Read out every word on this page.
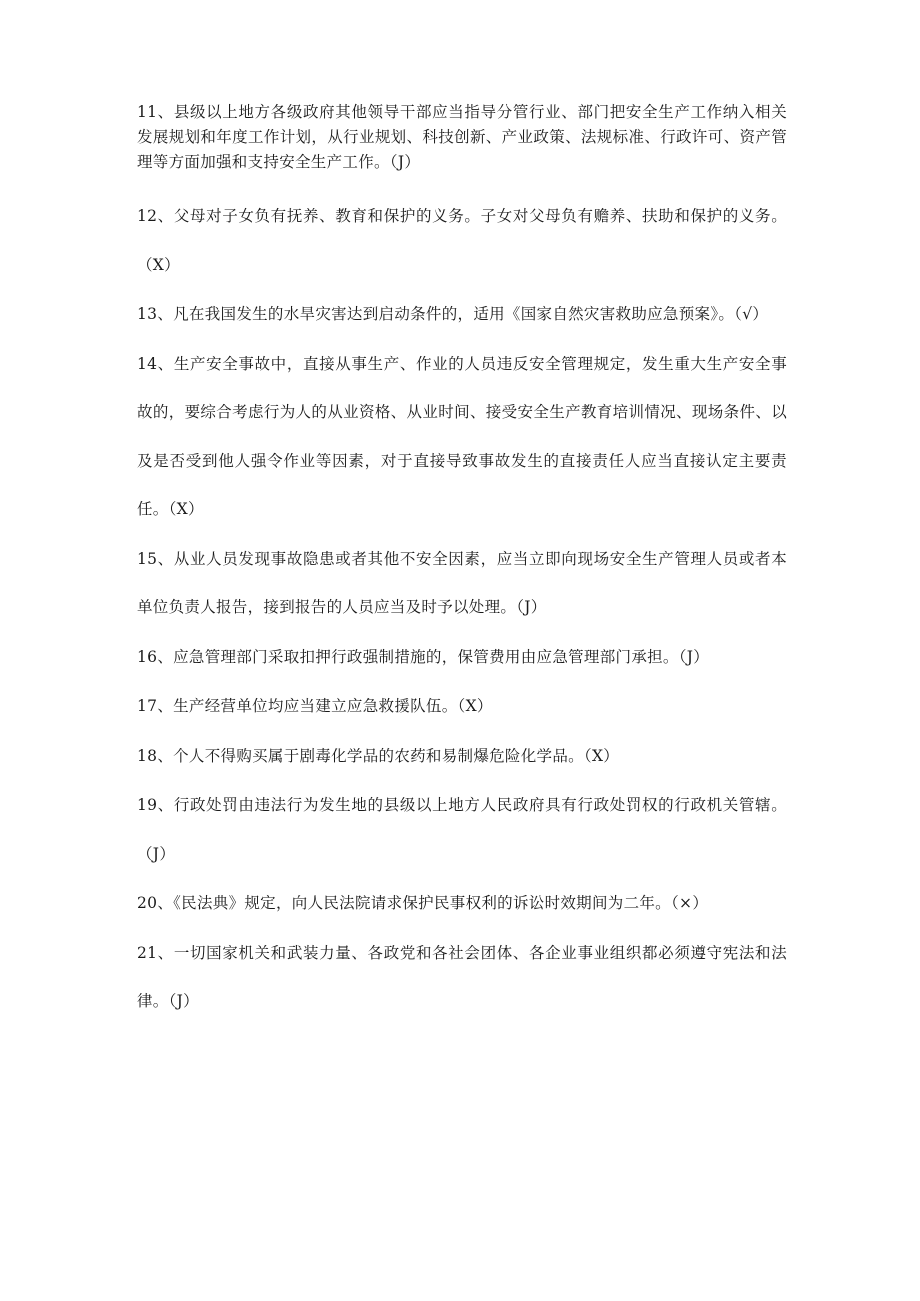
11、县级以上地方各级政府其他领导干部应当指导分管行业、部门把安全生产工作纳入相关发展规划和年度工作计划，从行业规划、科技创新、产业政策、法规标准、行政许可、资产管理等方面加强和支持安全生产工作。（J）

12、父母对子女负有抚养、教育和保护的义务。子女对父母负有赡养、扶助和保护的义务。（X）

13、凡在我国发生的水旱灾害达到启动条件的，适用《国家自然灾害救助应急预案》。（√）

14、生产安全事故中，直接从事生产、作业的人员违反安全管理规定，发生重大生产安全事故的，要综合考虑行为人的从业资格、从业时间、接受安全生产教育培训情况、现场条件、以及是否受到他人强令作业等因素，对于直接导致事故发生的直接责任人应当直接认定主要责任。（X）

15、从业人员发现事故隐患或者其他不安全因素，应当立即向现场安全生产管理人员或者本单位负责人报告，接到报告的人员应当及时予以处理。（J）

16、应急管理部门采取扣押行政强制措施的，保管费用由应急管理部门承担。（J）

17、生产经营单位均应当建立应急救援队伍。（X）

18、个人不得购买属于剧毒化学品的农药和易制爆危险化学品。（X）

19、行政处罚由违法行为发生地的县级以上地方人民政府具有行政处罚权的行政机关管辖。（J）

20、《民法典》规定，向人民法院请求保护民事权利的诉讼时效期间为二年。（×）

21、一切国家机关和武装力量、各政党和各社会团体、各企业事业组织都必须遵守宪法和法律。（J）
